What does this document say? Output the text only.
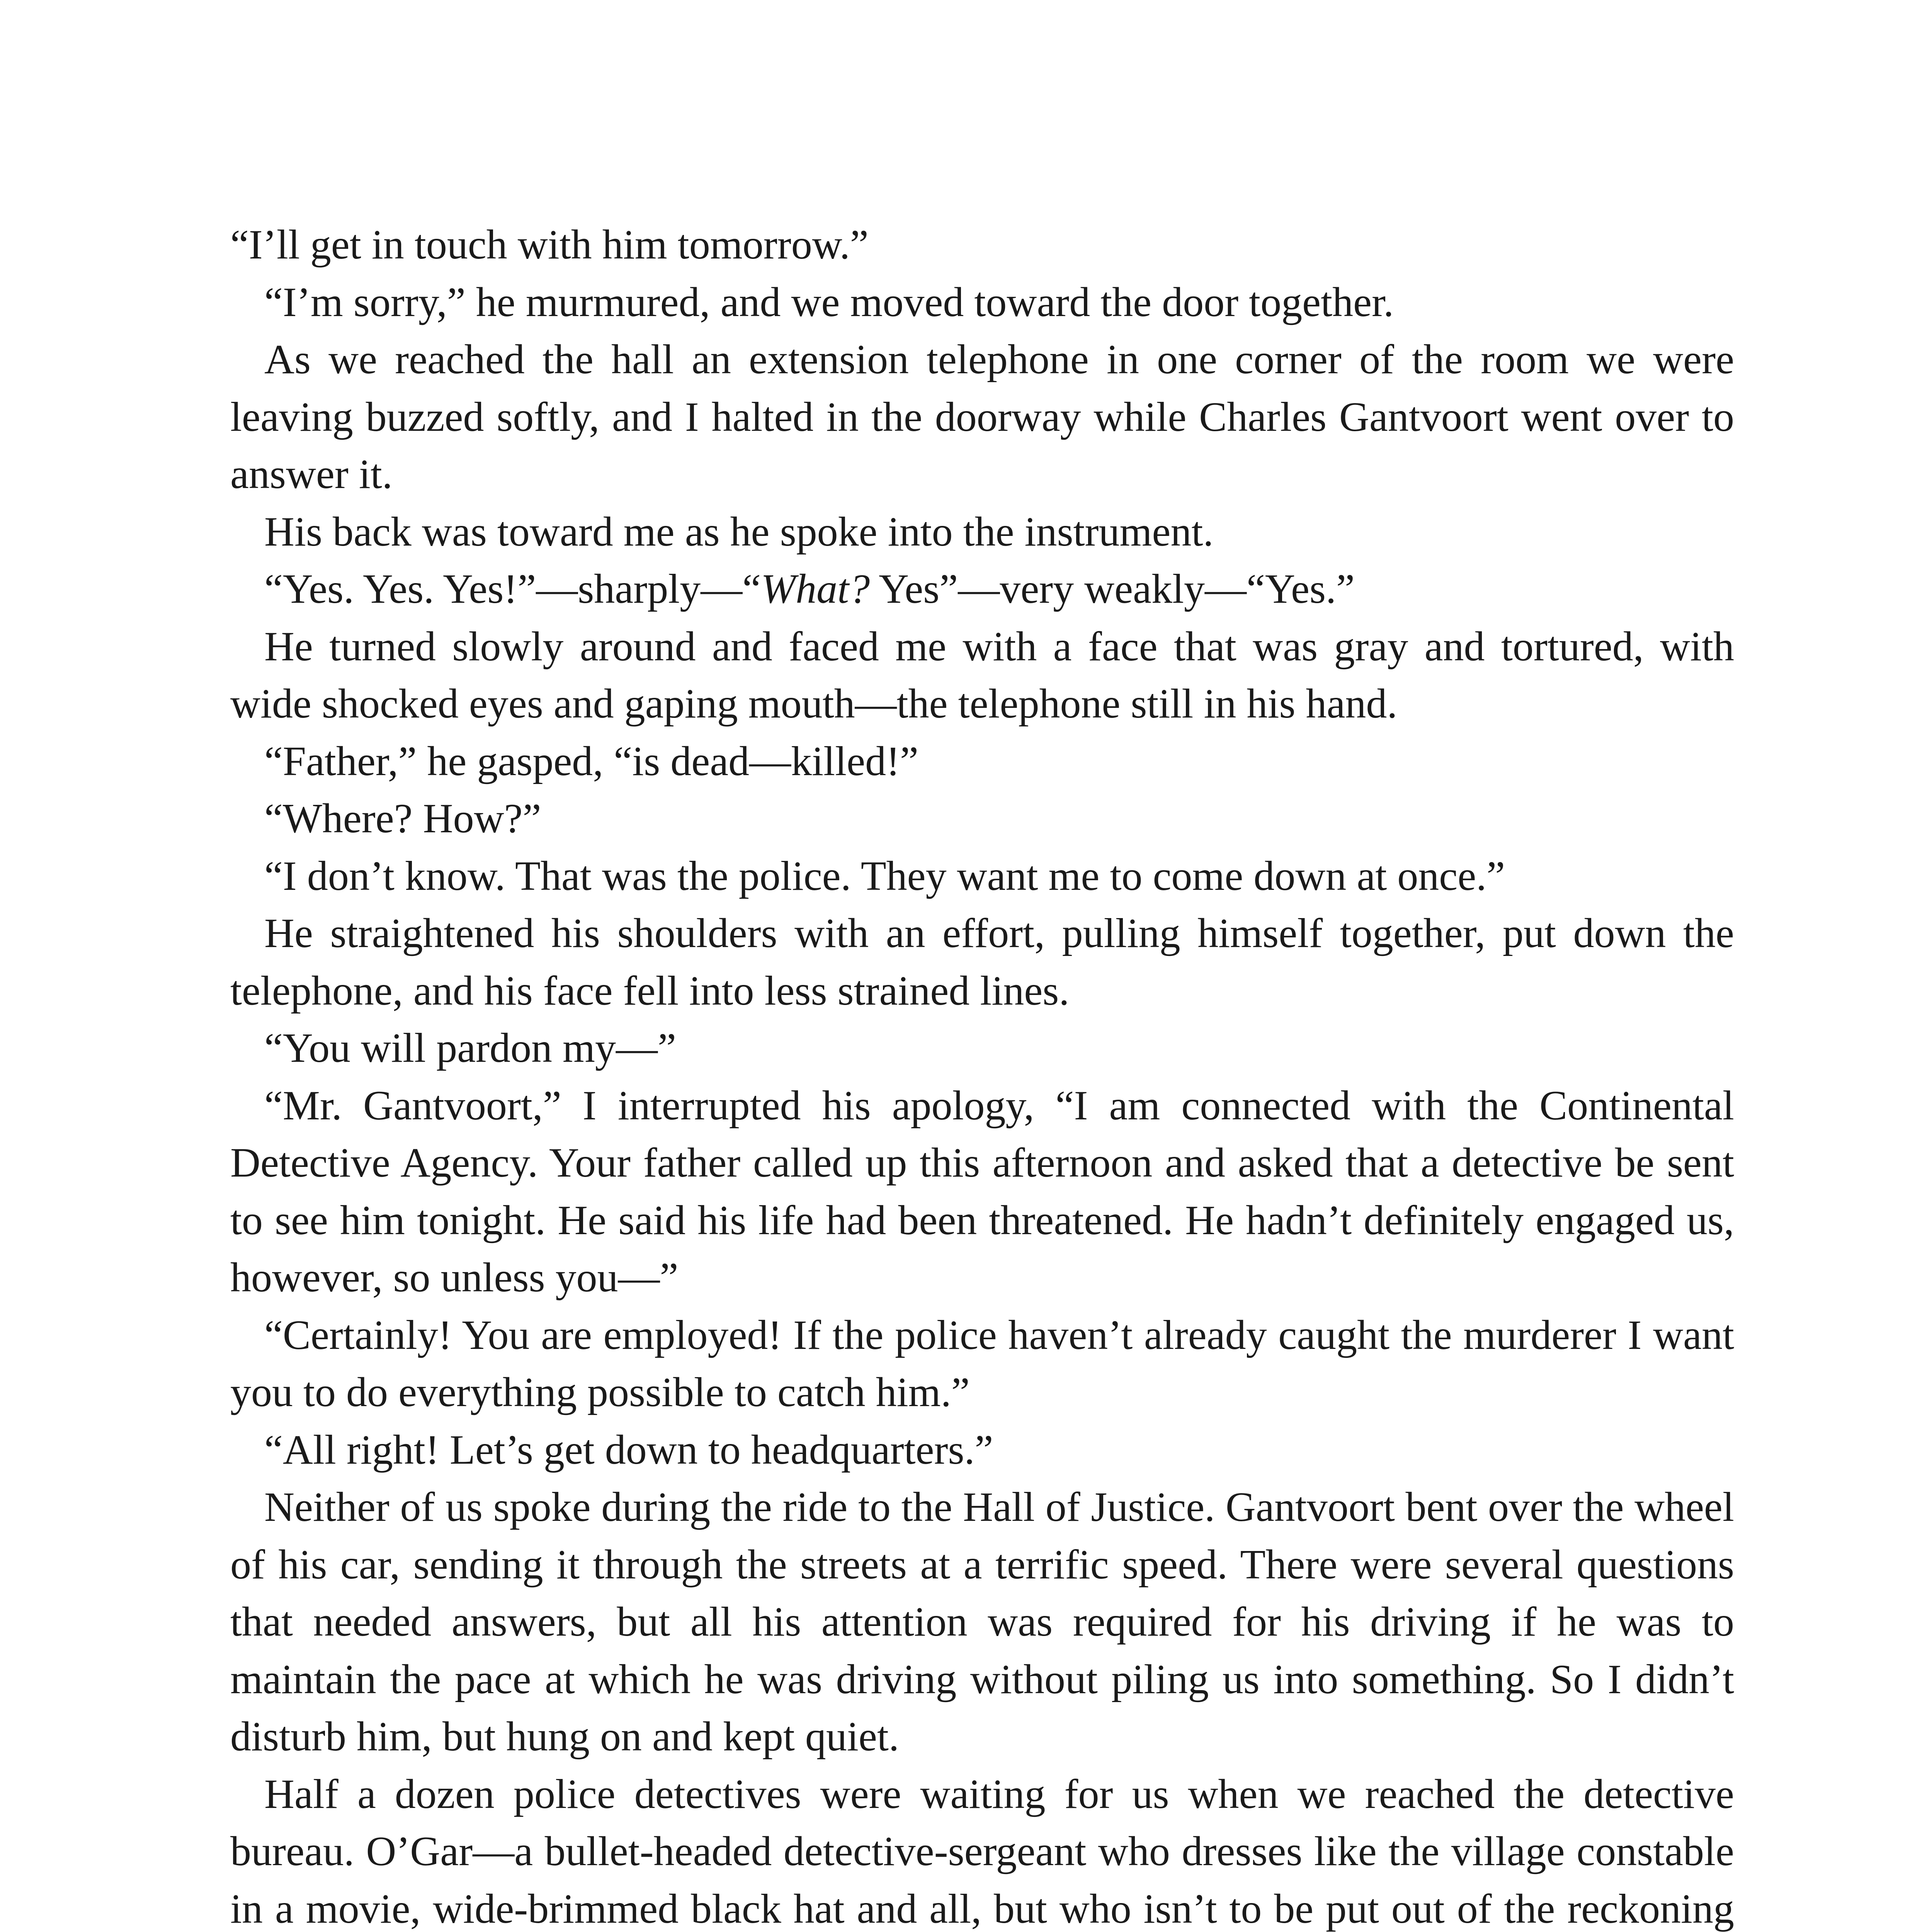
“I’ll get in touch with him tomorrow.”

“I’m sorry,” he murmured, and we moved toward the door together.

As we reached the hall an extension telephone in one corner of the room we were leaving buzzed softly, and I halted in the doorway while Charles Gantvoort went over to answer it.

His back was toward me as he spoke into the instrument.

“Yes. Yes. Yes!”—sharply—“What? Yes”—very weakly—“Yes.”

He turned slowly around and faced me with a face that was gray and tortured, with wide shocked eyes and gaping mouth—the telephone still in his hand.

“Father,” he gasped, “is dead—killed!”

“Where? How?”

“I don’t know. That was the police. They want me to come down at once.”

He straightened his shoulders with an effort, pulling himself together, put down the telephone, and his face fell into less strained lines.

“You will pardon my—”

“Mr. Gantvoort,” I interrupted his apology, “I am connected with the Continental Detective Agency. Your father called up this afternoon and asked that a detective be sent to see him tonight. He said his life had been threatened. He hadn’t definitely engaged us, however, so unless you—”

“Certainly! You are employed! If the police haven’t already caught the murderer I want you to do everything possible to catch him.”

“All right! Let’s get down to headquarters.”

Neither of us spoke during the ride to the Hall of Justice. Gantvoort bent over the wheel of his car, sending it through the streets at a terrific speed. There were several questions that needed answers, but all his attention was required for his driving if he was to maintain the pace at which he was driving without piling us into something. So I didn’t disturb him, but hung on and kept quiet.

Half a dozen police detectives were waiting for us when we reached the detective bureau. O’Gar—a bullet-headed detective-sergeant who dresses like the village constable in a movie, wide-brimmed black hat and all, but who isn’t to be put out of the reckoning
